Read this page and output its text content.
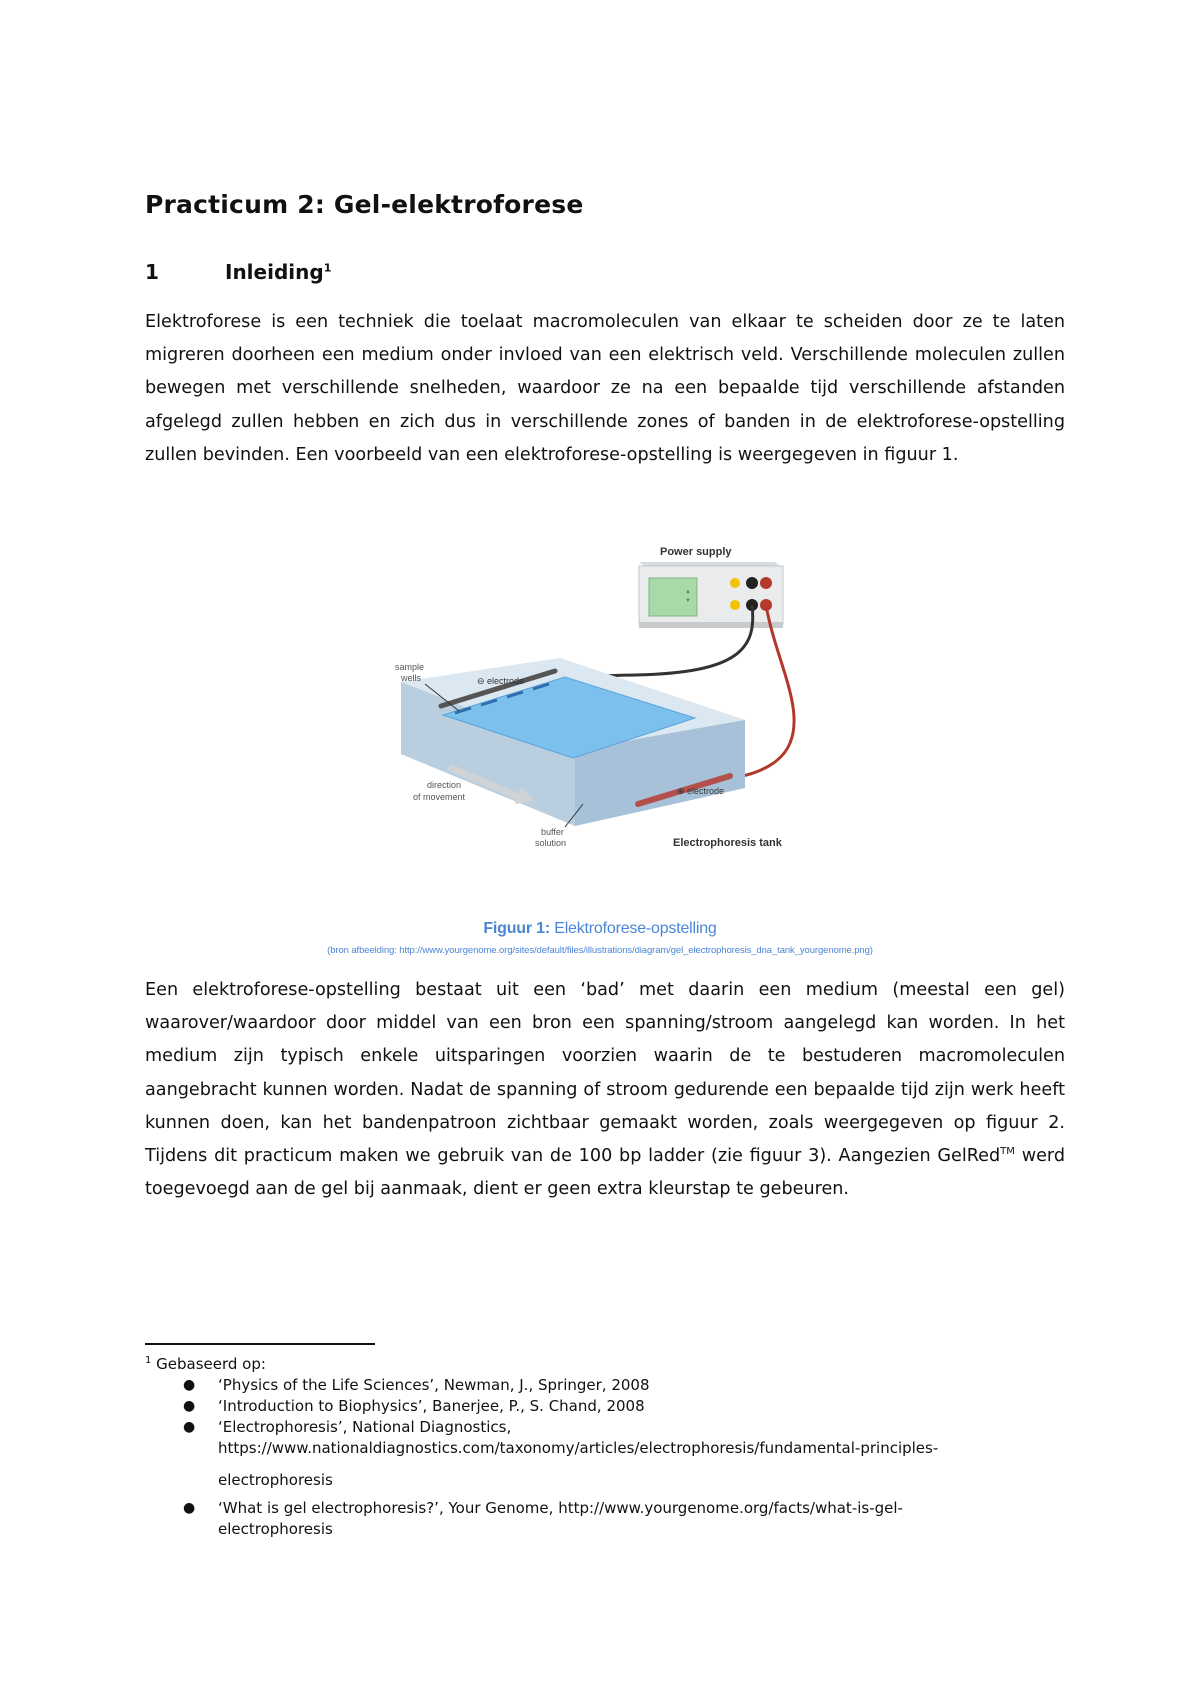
Practicum 2: Gel-elektroforese
1	Inleiding$^1$

Elektroforese is een techniek die toelaat macromoleculen van elkaar te scheiden door ze te laten migreren doorheen een medium onder invloed van een elektrisch veld. Verschillende moleculen zullen bewegen met verschillende snelheden, waardoor ze na een bepaalde tijd verschillende afstanden afgelegd zullen hebben en zich dus in verschillende zones of banden in de elektroforese-opstelling zullen bevinden. Een voorbeeld van een elektroforese-opstelling is weergegeven in figuur 1.

Power supply
▲
▼
⊖ electrode
⊕ electrode
sample
wells
direction
of movement
buffer
solution	Electrophoresis tank

Figuur 1: Elektroforese-opstelling

(bron afbeelding: http://www.yourgenome.org/sites/default/files/illustrations/diagram/gel_electrophoresis_dna_tank_yourgenome.png)

Een elektroforese-opstelling bestaat uit een ‘bad’ met daarin een medium (meestal een gel) waarover/waardoor door middel van een bron een spanning/stroom aangelegd kan worden. In het medium zijn typisch enkele uitsparingen voorzien waarin de te bestuderen macromoleculen aangebracht kunnen worden. Nadat de spanning of stroom gedurende een bepaalde tijd zijn werk heeft kunnen doen, kan het bandenpatroon zichtbaar gemaakt worden, zoals weergegeven op figuur 2. Tijdens dit practicum maken we gebruik van de 100 bp ladder (zie figuur 3). Aangezien GelRed™ werd toegevoegd aan de gel bij aanmaak, dient er geen extra kleurstap te gebeuren.

$^1$ Gebaseerd op:
● ‘Physics of the Life Sciences’, Newman, J., Springer, 2008
● ‘Introduction to Biophysics’, Banerjee, P., S. Chand, 2008
● ‘Electrophoresis’, National Diagnostics,
https://www.nationaldiagnostics.com/taxonomy/articles/electrophoresis/fundamental-principles-
electrophoresis
● ‘What is gel electrophoresis?’, Your Genome, http://www.yourgenome.org/facts/what-is-gel-
electrophoresis
